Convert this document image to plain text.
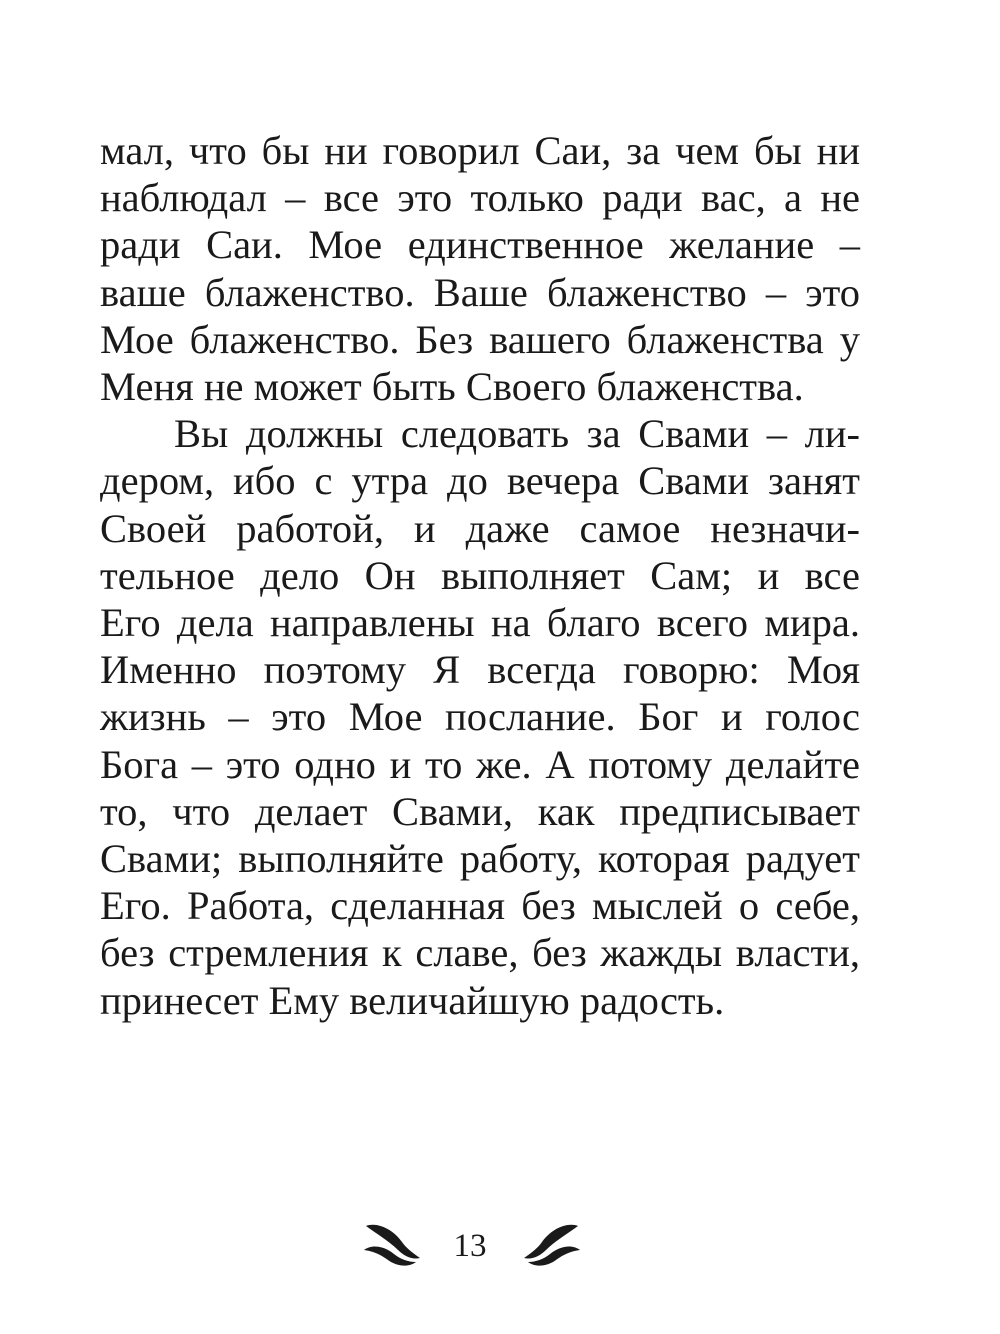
мал, что бы ни говорил Саи, за чем бы ни
наблюдал – все это только ради вас, а не
ради Саи. Мое единственное желание –
ваше блаженство. Ваше блаженство – это
Мое блаженство. Без вашего блаженства у
Меня не может быть Своего блаженства.
Вы должны следовать за Свами – ли-
дером, ибо с утра до вечера Свами занят
Своей работой, и даже самое незначи-
тельное дело Он выполняет Сам; и все
Его дела направлены на благо всего мира.
Именно поэтому Я всегда говорю: Моя
жизнь – это Мое послание. Бог и голос
Бога – это одно и то же. А потому делайте
то, что делает Свами, как предписывает
Свами; выполняйте работу, которая радует
Его. Работа, сделанная без мыслей о себе,
без стремления к славе, без жажды власти,
принесет Ему величайшую радость.
13
